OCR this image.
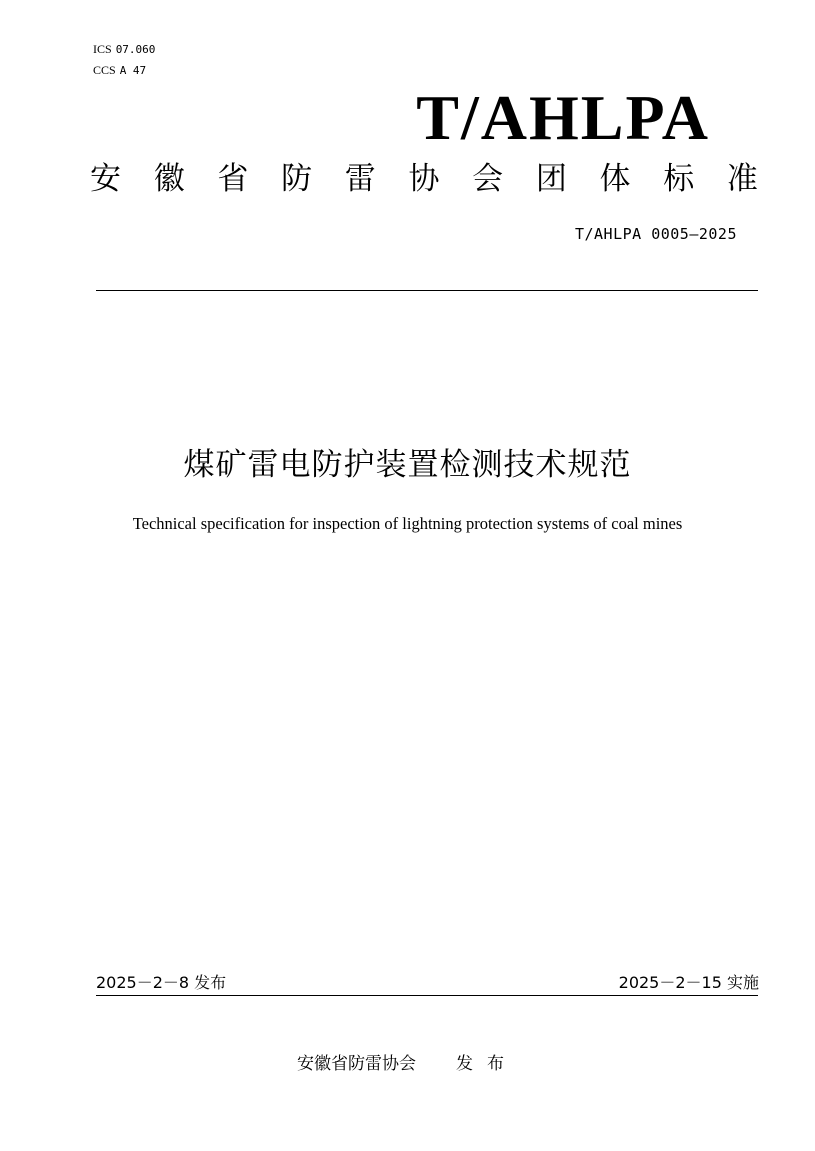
ICS 07.060
CCS A 47
T/AHLPA
安 徽 省 防 雷 协 会 团 体 标 准
T/AHLPA 0005—2025
煤矿雷电防护装置检测技术规范
Technical specification for inspection of lightning protection systems of coal mines
2025－2－8 发布	2025－2－15 实施
安徽省防雷协会 发布
